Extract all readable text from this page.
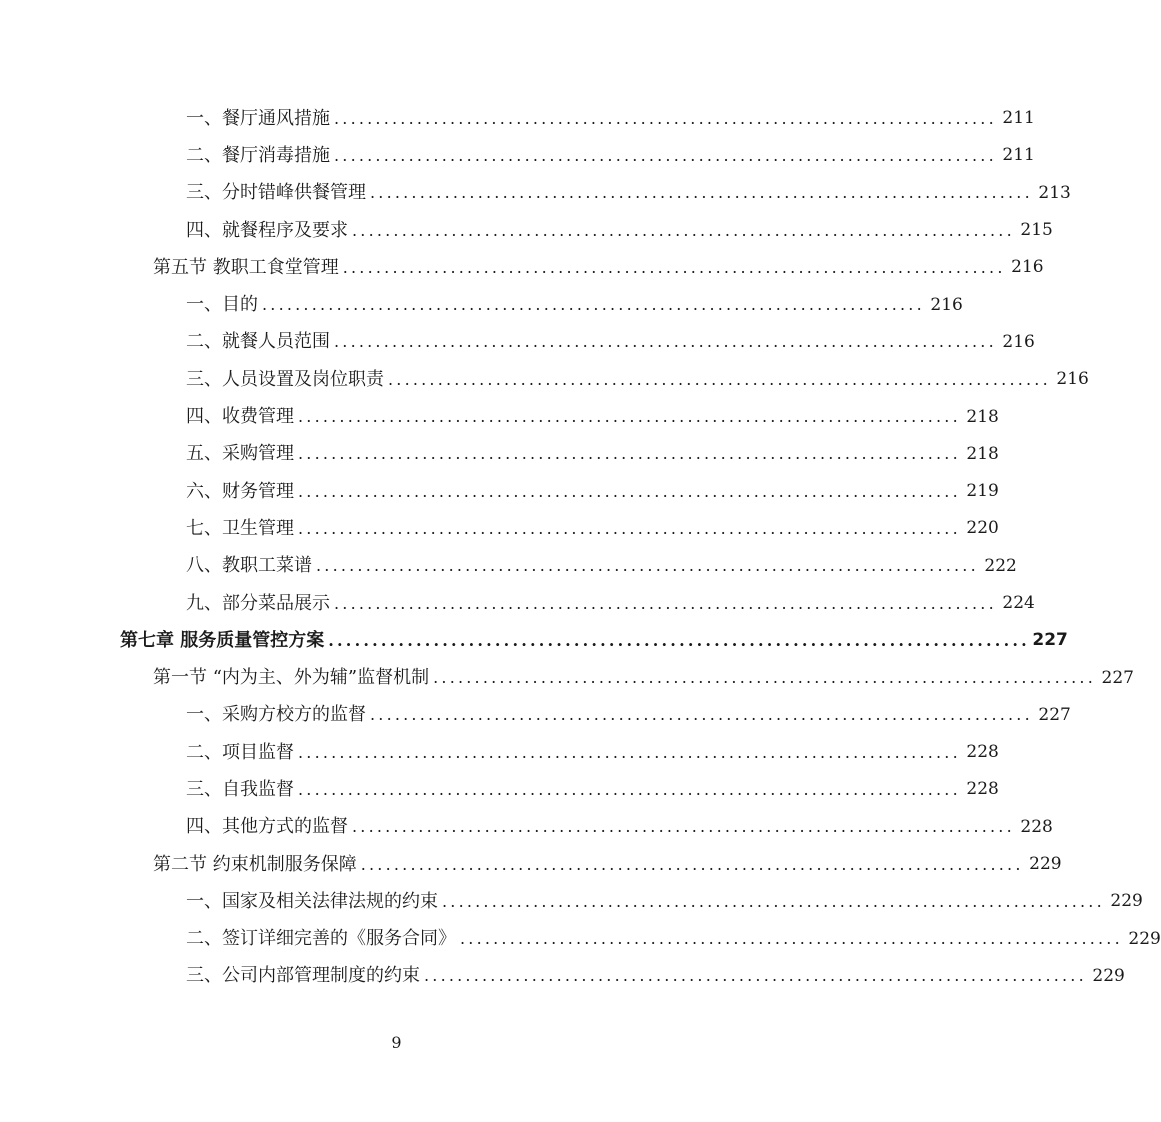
一、餐厅通风措施 ................................................................................ 211
二、餐厅消毒措施 ................................................................................ 211
三、分时错峰供餐管理 ................................................................................ 213
四、就餐程序及要求 ................................................................................ 215
第五节 教职工食堂管理 ................................................................................ 216
一、目的 ................................................................................ 216
二、就餐人员范围 ................................................................................ 216
三、人员设置及岗位职责 ................................................................................ 216
四、收费管理 ................................................................................ 218
五、采购管理 ................................................................................ 218
六、财务管理 ................................................................................ 219
七、卫生管理 ................................................................................ 220
八、教职工菜谱 ................................................................................ 222
九、部分菜品展示 ................................................................................ 224
第七章 服务质量管控方案 ................................................................................ 227
第一节 “内为主、外为辅”监督机制 ................................................................................ 227
一、采购方校方的监督 ................................................................................ 227
二、项目监督 ................................................................................ 228
三、自我监督 ................................................................................ 228
四、其他方式的监督 ................................................................................ 228
第二节 约束机制服务保障 ................................................................................ 229
一、国家及相关法律法规的约束 ................................................................................ 229
二、签订详细完善的《服务合同》 ................................................................................ 229
三、公司内部管理制度的约束 ................................................................................ 229
9
